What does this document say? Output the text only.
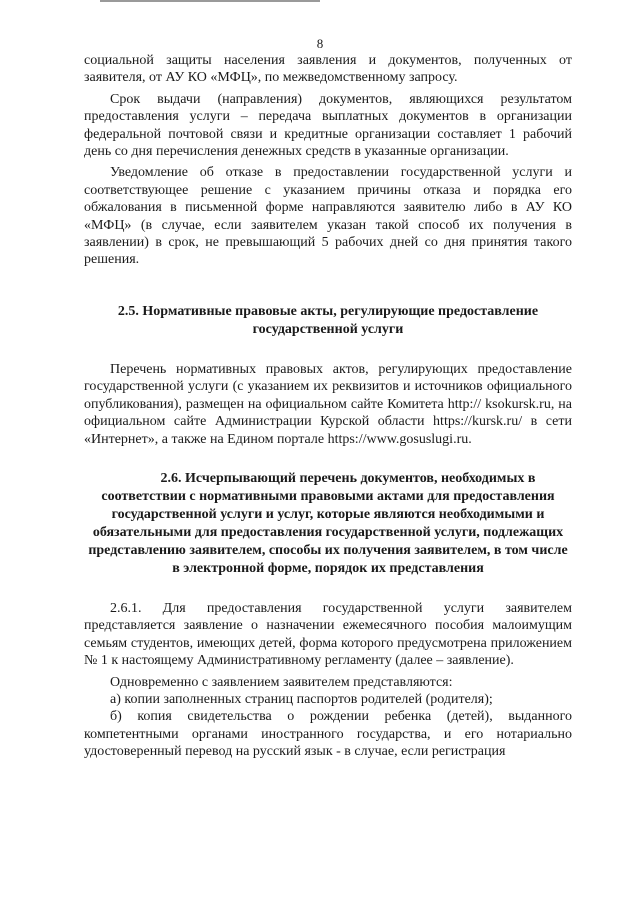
8

социальной защиты населения заявления и документов, полученных от заявителя, от АУ КО «МФЦ», по межведомственному запросу.

Срок выдачи (направления) документов, являющихся результатом предоставления услуги – передача выплатных документов в организации федеральной почтовой связи и кредитные организации составляет 1 рабочий день со дня перечисления денежных средств в указанные организации.

Уведомление об отказе в предоставлении государственной услуги и соответствующее решение с указанием причины отказа и порядка его обжалования в письменной форме направляются заявителю либо в АУ КО «МФЦ» (в случае, если заявителем указан такой способ их получения в заявлении) в срок, не превышающий 5 рабочих дней со дня принятия такого решения.

2.5. Нормативные правовые акты, регулирующие предоставление государственной услуги

Перечень нормативных правовых актов, регулирующих предоставление государственной услуги (с указанием их реквизитов и источников официального опубликования), размещен на официальном сайте Комитета http:// ksokursk.ru, на официальном сайте Администрации Курской области https://kursk.ru/ в сети «Интернет», а также на Едином портале https://www.gosuslugi.ru.

2.6. Исчерпывающий перечень документов, необходимых в соответствии с нормативными правовыми актами для предоставления государственной услуги и услуг, которые являются необходимыми и обязательными для предоставления государственной услуги, подлежащих представлению заявителем, способы их получения заявителем, в том числе в электронной форме, порядок их представления

2.6.1. Для предоставления государственной услуги заявителем представляется заявление о назначении ежемесячного пособия малоимущим семьям студентов, имеющих детей, форма которого предусмотрена приложением № 1 к настоящему Административному регламенту (далее – заявление).

Одновременно с заявлением заявителем представляются:

а) копии заполненных страниц паспортов родителей (родителя);

б) копия свидетельства о рождении ребенка (детей), выданного компетентными органами иностранного государства, и его нотариально удостоверенный перевод на русский язык - в случае, если регистрация
